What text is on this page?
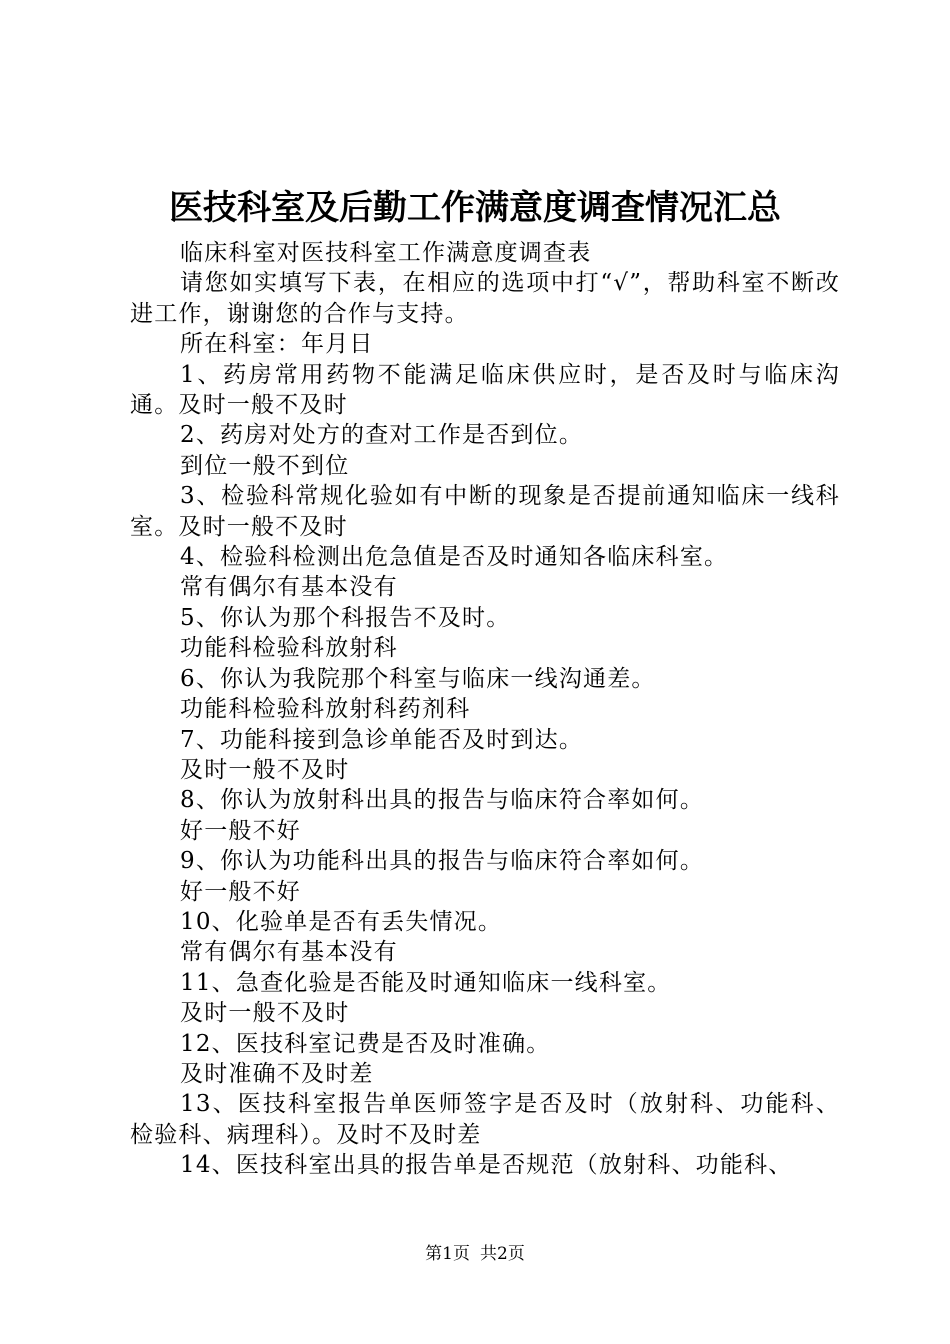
医技科室及后勤工作满意度调查情况汇总

临床科室对医技科室工作满意度调查表

请您如实填写下表，在相应的选项中打“√”，帮助科室不断改进工作，谢谢您的合作与支持。

所在科室：年月日

1、药房常用药物不能满足临床供应时，是否及时与临床沟通。及时一般不及时

2、药房对处方的查对工作是否到位。

到位一般不到位

3、检验科常规化验如有中断的现象是否提前通知临床一线科室。及时一般不及时

4、检验科检测出危急值是否及时通知各临床科室。

常有偶尔有基本没有

5、你认为那个科报告不及时。

功能科检验科放射科

6、你认为我院那个科室与临床一线沟通差。

功能科检验科放射科药剂科

7、功能科接到急诊单能否及时到达。

及时一般不及时

8、你认为放射科出具的报告与临床符合率如何。

好一般不好

9、你认为功能科出具的报告与临床符合率如何。

好一般不好

10、化验单是否有丢失情况。

常有偶尔有基本没有

11、急查化验是否能及时通知临床一线科室。

及时一般不及时

12、医技科室记费是否及时准确。

及时准确不及时差

13、医技科室报告单医师签字是否及时（放射科、功能科、检验科、病理科）。及时不及时差

14、医技科室出具的报告单是否规范（放射科、功能科、

第1页 共2页
